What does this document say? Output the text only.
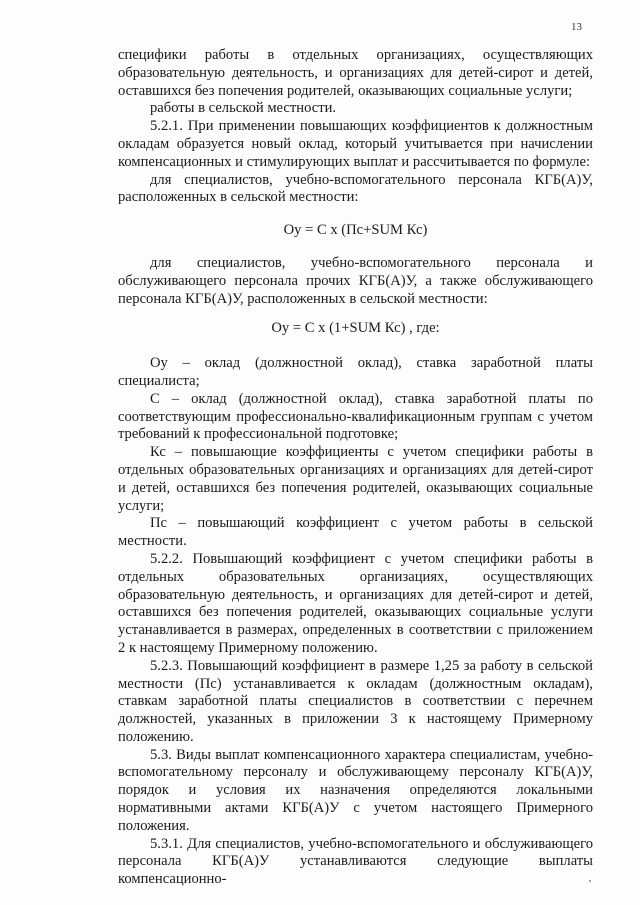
13

специфики работы в отдельных организациях, осуществляющих образовательную деятельность, и организациях для детей-сирот и детей, оставшихся без попечения родителей, оказывающих социальные услуги;

работы в сельской местности.

5.2.1. При применении повышающих коэффициентов к должностным окладам образуется новый оклад, который учитывается при начислении компенсационных и стимулирующих выплат и рассчитывается по формуле:

для специалистов, учебно-вспомогательного персонала КГБ(А)У, расположенных в сельской местности:

Оу = С х (Пс+SUM Кс)

для специалистов, учебно-вспомогательного персонала и обслуживающего персонала прочих КГБ(А)У, а также обслуживающего персонала КГБ(А)У, расположенных в сельской местности:

Оу = С х (1+SUM Кс) , где:

Оу – оклад (должностной оклад), ставка заработной платы специалиста;

С – оклад (должностной оклад), ставка заработной платы по соответствующим профессионально-квалификационным группам с учетом требований к профессиональной подготовке;

Кс – повышающие коэффициенты с учетом специфики работы в отдельных образовательных организациях и организациях для детей-сирот и детей, оставшихся без попечения родителей, оказывающих социальные услуги;

Пс – повышающий коэффициент с учетом работы в сельской местности.

5.2.2. Повышающий коэффициент с учетом специфики работы в отдельных образовательных организациях, осуществляющих образовательную деятельность, и организациях для детей-сирот и детей, оставшихся без попечения родителей, оказывающих социальные услуги устанавливается в размерах, определенных в соответствии с приложением 2 к настоящему Примерному положению.

5.2.3. Повышающий коэффициент в размере 1,25 за работу в сельской местности (Пс) устанавливается к окладам (должностным окладам), ставкам заработной платы специалистов в соответствии с перечнем должностей, указанных в приложении 3 к настоящему Примерному положению.

5.3. Виды выплат компенсационного характера специалистам, учебно-вспомогательному персоналу и обслуживающему персоналу КГБ(А)У, порядок и условия их назначения определяются локальными нормативными актами КГБ(А)У с учетом настоящего Примерного положения.

5.3.1. Для специалистов, учебно-вспомогательного и обслуживающего персонала КГБ(А)У устанавливаются следующие выплаты компенсационно-
